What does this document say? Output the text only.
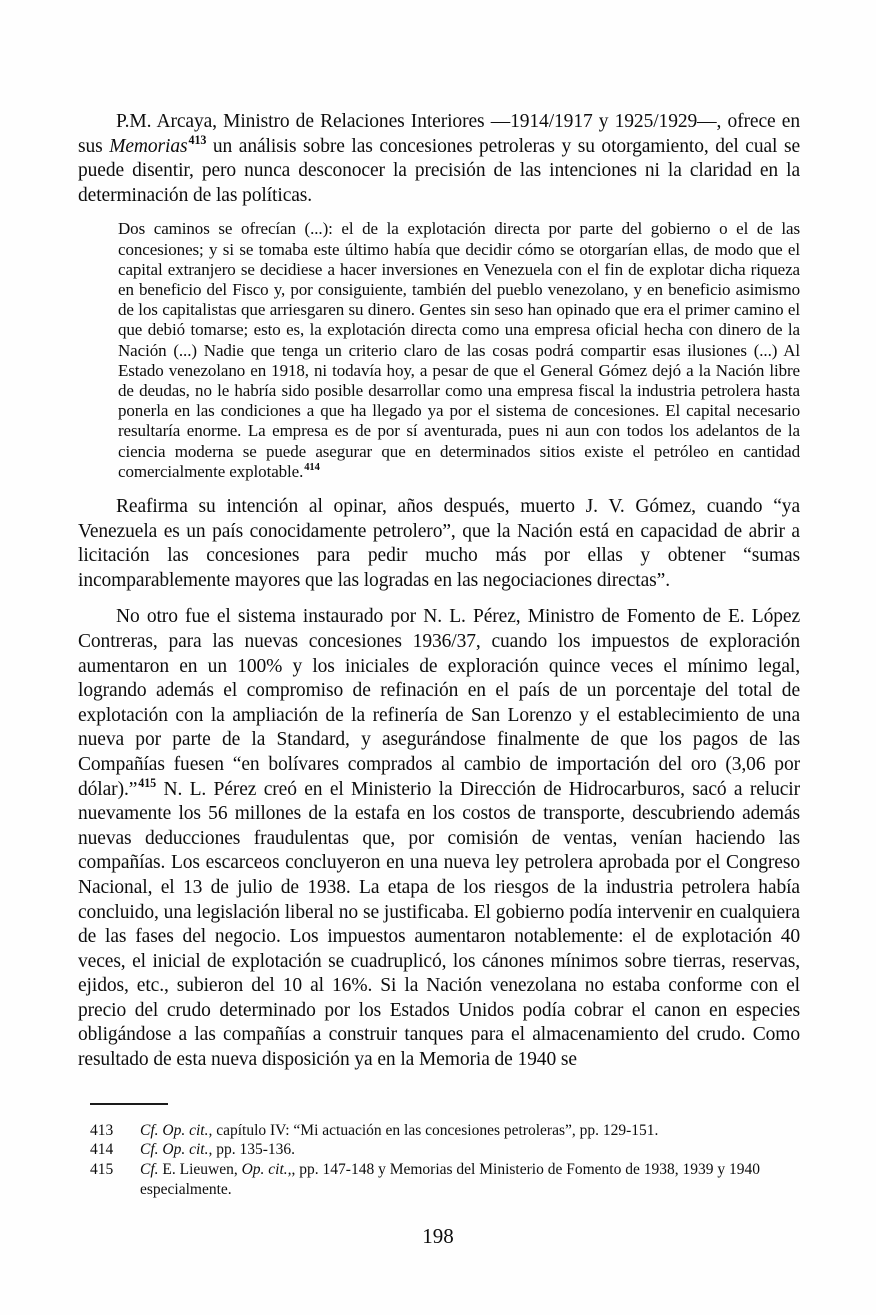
P.M. Arcaya, Ministro de Relaciones Interiores —1914/1917 y 1925/1929—, ofrece en sus Memorias$^{413}$ un análisis sobre las concesiones petroleras y su otorgamiento, del cual se puede disentir, pero nunca desconocer la precisión de las intenciones ni la claridad en la determinación de las políticas.

Dos caminos se ofrecían (...): el de la explotación directa por parte del gobierno o el de las concesiones; y si se tomaba este último había que decidir cómo se otorgarían ellas, de modo que el capital extranjero se decidiese a hacer inversiones en Venezuela con el fin de explotar dicha riqueza en beneficio del Fisco y, por consiguiente, también del pueblo venezolano, y en beneficio asimismo de los capitalistas que arriesgaren su dinero. Gentes sin seso han opinado que era el primer camino el que debió tomarse; esto es, la explotación directa como una empresa oficial hecha con dinero de la Nación (...) Nadie que tenga un criterio claro de las cosas podrá compartir esas ilusiones (...) Al Estado venezolano en 1918, ni todavía hoy, a pesar de que el General Gómez dejó a la Nación libre de deudas, no le habría sido posible desarrollar como una empresa fiscal la industria petrolera hasta ponerla en las condiciones a que ha llegado ya por el sistema de concesiones. El capital necesario resultaría enorme. La empresa es de por sí aventurada, pues ni aun con todos los adelantos de la ciencia moderna se puede asegurar que en determinados sitios existe el petróleo en cantidad comercialmente explotable.$^{414}$

Reafirma su intención al opinar, años después, muerto J. V. Gómez, cuando “ya Venezuela es un país conocidamente petrolero”, que la Nación está en capacidad de abrir a licitación las concesiones para pedir mucho más por ellas y obtener “sumas incomparablemente mayores que las logradas en las negociaciones directas”.

No otro fue el sistema instaurado por N. L. Pérez, Ministro de Fomento de E. López Contreras, para las nuevas concesiones 1936/37, cuando los impuestos de exploración aumentaron en un 100% y los iniciales de exploración quince veces el mínimo legal, logrando además el compromiso de refinación en el país de un porcentaje del total de explotación con la ampliación de la refinería de San Lorenzo y el establecimiento de una nueva por parte de la Standard, y asegurándose finalmente de que los pagos de las Compañías fuesen “en bolívares comprados al cambio de importación del oro (3,06 por dólar).”$^{415}$ N. L. Pérez creó en el Ministerio la Dirección de Hidrocarburos, sacó a relucir nuevamente los 56 millones de la estafa en los costos de transporte, descubriendo además nuevas deducciones fraudulentas que, por comisión de ventas, venían haciendo las compañías. Los escarceos concluyeron en una nueva ley petrolera aprobada por el Congreso Nacional, el 13 de julio de 1938. La etapa de los riesgos de la industria petrolera había concluido, una legislación liberal no se justificaba. El gobierno podía intervenir en cualquiera de las fases del negocio. Los impuestos aumentaron notablemente: el de explotación 40 veces, el inicial de explotación se cuadruplicó, los cánones mínimos sobre tierras, reservas, ejidos, etc., subieron del 10 al 16%. Si la Nación venezolana no estaba conforme con el precio del crudo determinado por los Estados Unidos podía cobrar el canon en especies obligándose a las compañías a construir tanques para el almacenamiento del crudo. Como resultado de esta nueva disposición ya en la Memoria de 1940 se

413	Cf. Op. cit., capítulo IV: “Mi actuación en las concesiones petroleras”, pp. 129-151.
414	Cf. Op. cit., pp. 135-136.
415	Cf. E. Lieuwen, Op. cit.,, pp. 147-148 y Memorias del Ministerio de Fomento de 1938, 1939 y 1940 especialmente.
198
